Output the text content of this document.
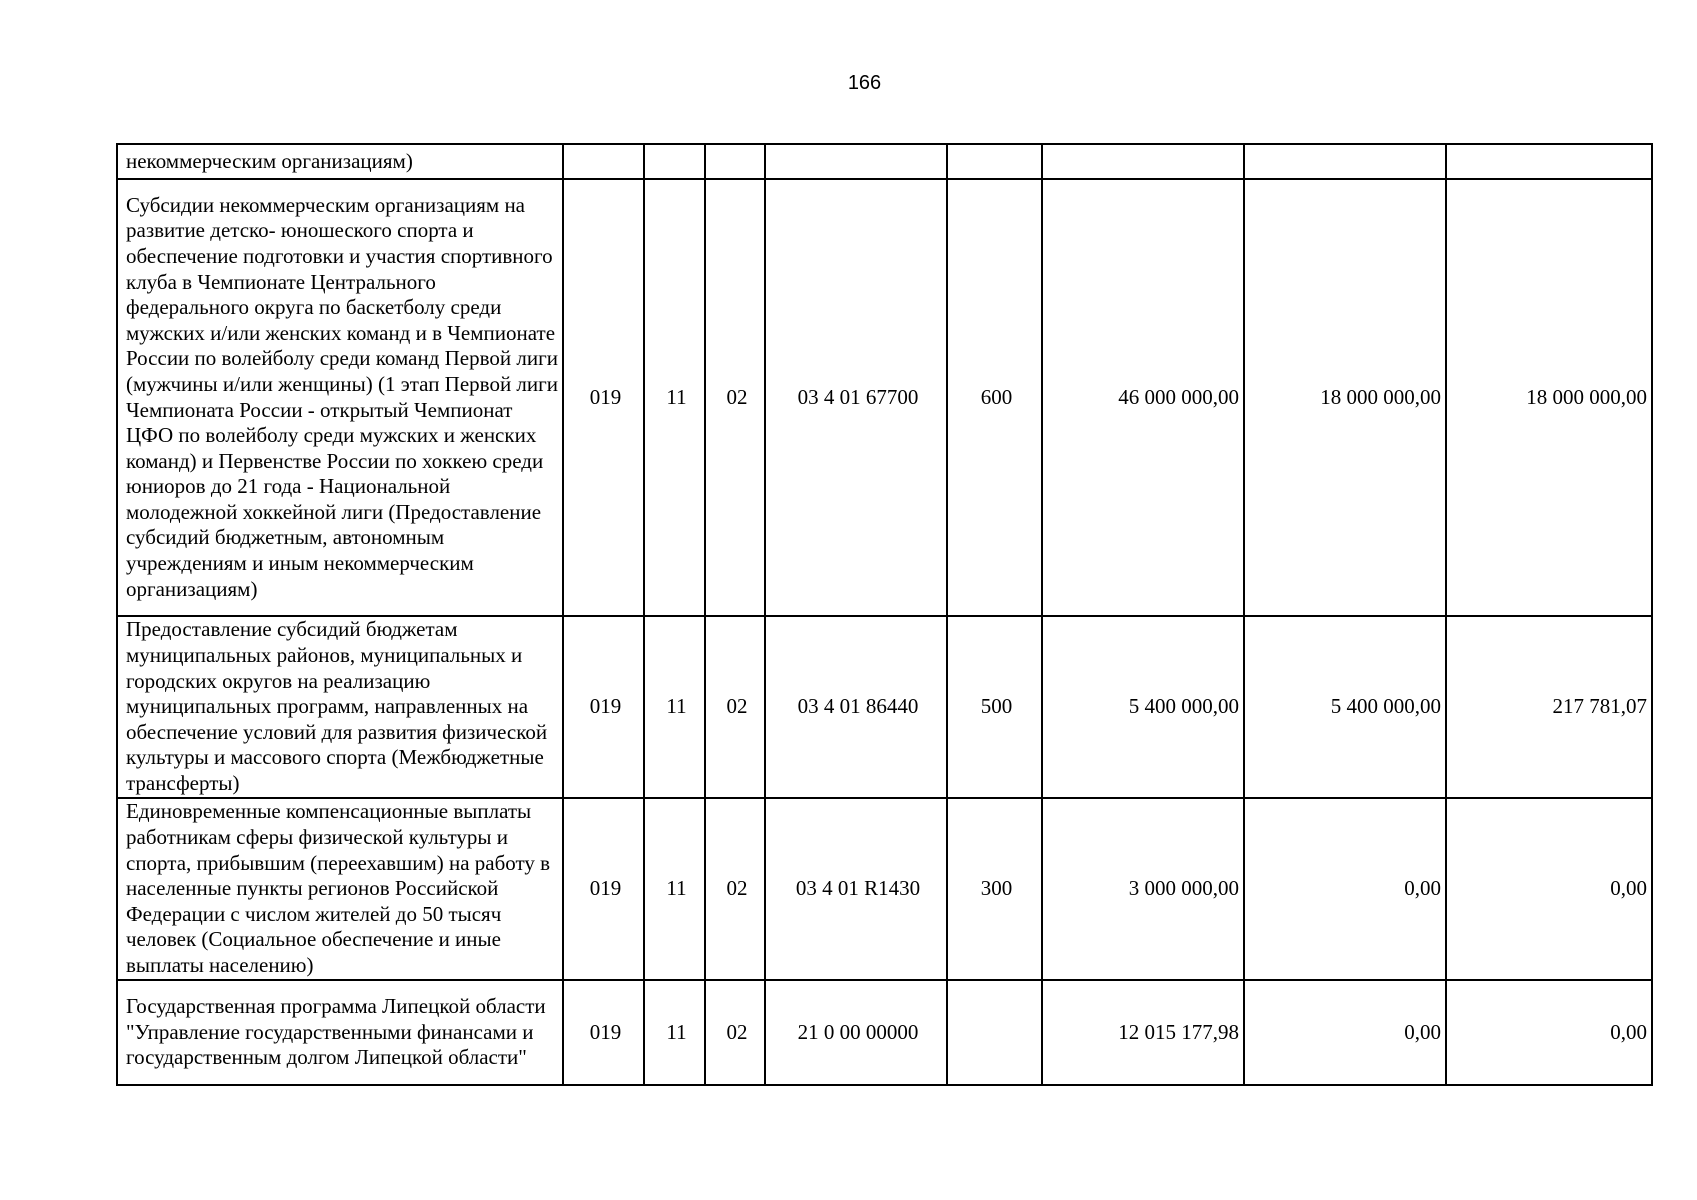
166
некоммерческим организациям)								
Субсидии некоммерческим организациям на развитие детско- юношеского спорта и обеспечение подготовки и участия спортивного клуба в Чемпионате Центрального федерального округа по баскетболу среди мужских и/или женских команд и в Чемпионате России по волейболу среди команд Первой лиги (мужчины и/или женщины) (1 этап Первой лиги Чемпионата России - открытый Чемпионат ЦФО по волейболу среди мужских и женских команд) и Первенстве России по хоккею среди юниоров до 21 года - Национальной молодежной хоккейной лиги (Предоставление субсидий бюджетным, автономным учреждениям и иным некоммерческим организациям)	019	11	02	03 4 01 67700	600	46 000 000,00	18 000 000,00	18 000 000,00
Предоставление субсидий бюджетам муниципальных районов, муниципальных и городских округов на реализацию муниципальных программ, направленных на обеспечение условий для развития физической культуры и массового спорта (Межбюджетные трансферты)	019	11	02	03 4 01 86440	500	5 400 000,00	5 400 000,00	217 781,07
Единовременные компенсационные выплаты работникам сферы физической культуры и спорта, прибывшим (переехавшим) на работу в населенные пункты регионов Российской Федерации с числом жителей до 50 тысяч человек (Социальное обеспечение и иные выплаты населению)	019	11	02	03 4 01 R1430	300	3 000 000,00	0,00	0,00
Государственная программа Липецкой области "Управление государственными финансами и государственным долгом Липецкой области"	019	11	02	21 0 00 00000		12 015 177,98	0,00	0,00
